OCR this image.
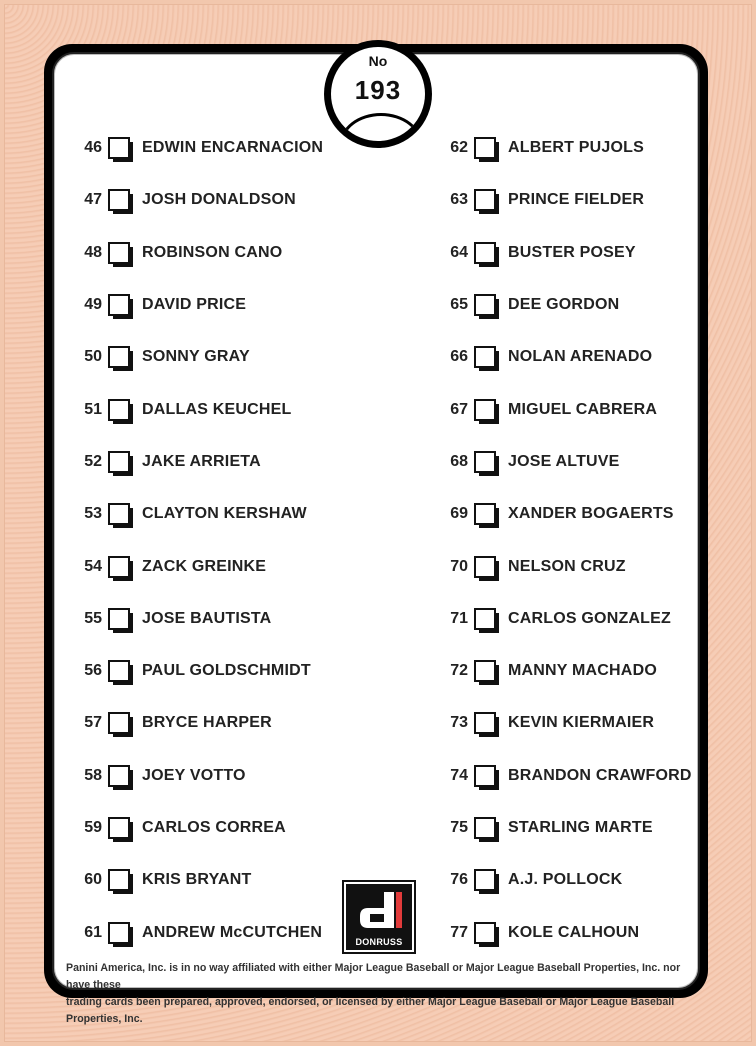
No
193
46	EDWIN ENCARNACION
47	JOSH DONALDSON
48	ROBINSON CANO
49	DAVID PRICE
50	SONNY GRAY
51	DALLAS KEUCHEL
52	JAKE ARRIETA
53	CLAYTON KERSHAW
54	ZACK GREINKE
55	JOSE BAUTISTA
56	PAUL GOLDSCHMIDT
57	BRYCE HARPER
58	JOEY VOTTO
59	CARLOS CORREA
60	KRIS BRYANT
61	ANDREW McCUTCHEN
62	ALBERT PUJOLS
63	PRINCE FIELDER
64	BUSTER POSEY
65	DEE GORDON
66	NOLAN ARENADO
67	MIGUEL CABRERA
68	JOSE ALTUVE
69	XANDER BOGAERTS
70	NELSON CRUZ
71	CARLOS GONZALEZ
72	MANNY MACHADO
73	KEVIN KIERMAIER
74	BRANDON CRAWFORD
75	STARLING MARTE
76	A.J. POLLOCK
77	KOLE CALHOUN
DONRUSS
Panini America, Inc. is in no way affiliated with either Major League Baseball or Major League Baseball Properties, Inc. nor have these
trading cards been prepared, approved, endorsed, or licensed by either Major League Baseball or Major League Baseball Properties, Inc.
